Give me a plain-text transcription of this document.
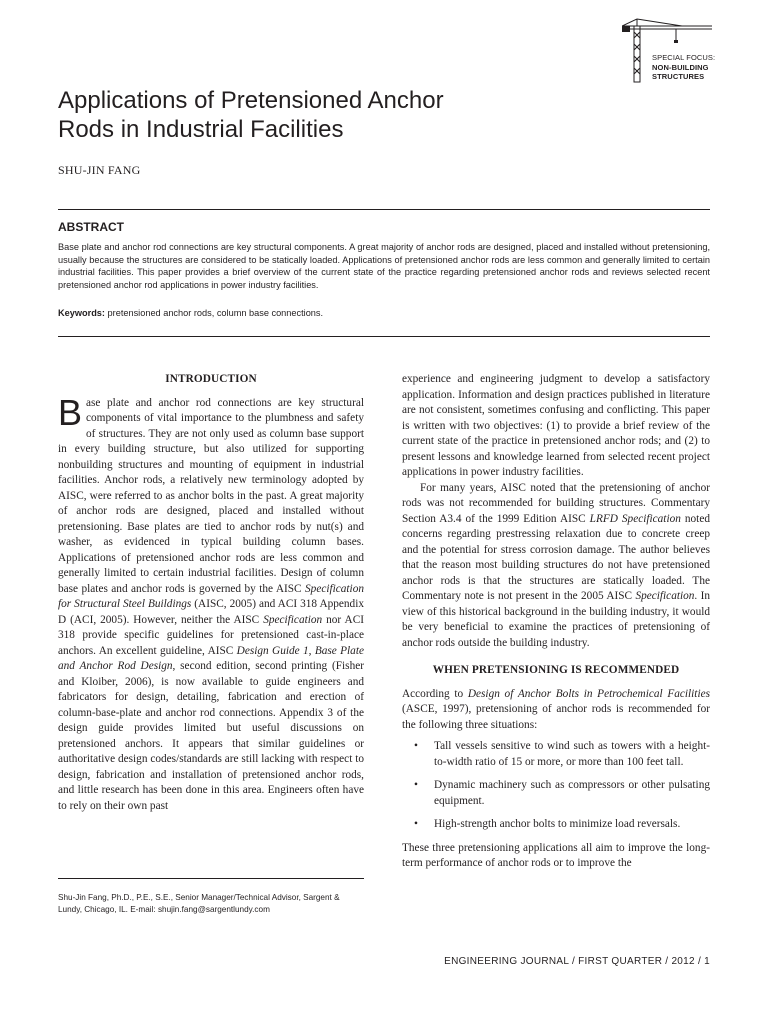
SPECIAL FOCUS:
NON-BUILDING
STRUCTURES
Applications of Pretensioned Anchor
Rods in Industrial Facilities
SHU-JIN FANG
ABSTRACT

Base plate and anchor rod connections are key structural components. A great majority of anchor rods are designed, placed and installed without pretensioning, usually because the structures are considered to be statically loaded. Applications of pretensioned anchor rods are less common and generally limited to certain industrial facilities. This paper provides a brief overview of the current state of the practice regarding pretensioned anchor rods and reviews selected recent pretensioned anchor rod applications in power industry facilities.

Keywords: pretensioned anchor rods, column base connections.

INTRODUCTION

Base plate and anchor rod connections are key structural components of vital importance to the plumbness and safety of structures. They are not only used as column base support in every building structure, but also utilized for supporting nonbuilding structures and mounting of equipment in industrial facilities. Anchor rods, a relatively new terminology adopted by AISC, were referred to as anchor bolts in the past. A great majority of anchor rods are designed, placed and installed without pretensioning. Base plates are tied to anchor rods by nut(s) and washer, as evidenced in typical building column bases. Applications of pretensioned anchor rods are less common and generally limited to certain industrial facilities. Design of column base plates and anchor rods is governed by the AISC Specification for Structural Steel Buildings (AISC, 2005) and ACI 318 Appendix D (ACI, 2005). However, neither the AISC Specification nor ACI 318 provide specific guidelines for pretensioned cast-in-place anchors. An excellent guideline, AISC Design Guide 1, Base Plate and Anchor Rod Design, second edition, second printing (Fisher and Kloiber, 2006), is now available to guide engineers and fabricators for design, detailing, fabrication and erection of column-base-plate and anchor rod connections. Appendix 3 of the design guide provides limited but useful discussions on pretensioned anchors. It appears that similar guidelines or authoritative design codes/standards are still lacking with respect to design, fabrication and installation of pretensioned anchor rods, and little research has been done in this area. Engineers often have to rely on their own past

Shu-Jin Fang, Ph.D., P.E., S.E., Senior Manager/Technical Advisor, Sargent & Lundy, Chicago, IL. E-mail: shujin.fang@sargentlundy.com

experience and engineering judgment to develop a satisfactory application. Information and design practices published in literature are not consistent, sometimes confusing and conflicting. This paper is written with two objectives: (1) to provide a brief review of the current state of the practice in pretensioned anchor rods; and (2) to present lessons and knowledge learned from selected recent project applications in power industry facilities.

For many years, AISC noted that the pretensioning of anchor rods was not recommended for building structures. Commentary Section A3.4 of the 1999 Edition AISC LRFD Specification noted concerns regarding prestressing relaxation due to concrete creep and the potential for stress corrosion damage. The author believes that the reason most building structures do not have pretensioned anchor rods is that the structures are statically loaded. The Commentary note is not present in the 2005 AISC Specification. In view of this historical background in the building industry, it would be very beneficial to examine the practices of pretensioning of anchor rods outside the building industry.

WHEN PRETENSIONING IS RECOMMENDED

According to Design of Anchor Bolts in Petrochemical Facilities (ASCE, 1997), pretensioning of anchor rods is recommended for the following three situations:

• Tall vessels sensitive to wind such as towers with a height-to-width ratio of 15 or more, or more than 100 feet tall.
• Dynamic machinery such as compressors or other pulsating equipment.
• High-strength anchor bolts to minimize load reversals.

These three pretensioning applications all aim to improve the long-term performance of anchor rods or to improve the

ENGINEERING JOURNAL / FIRST QUARTER / 2012 / 1
